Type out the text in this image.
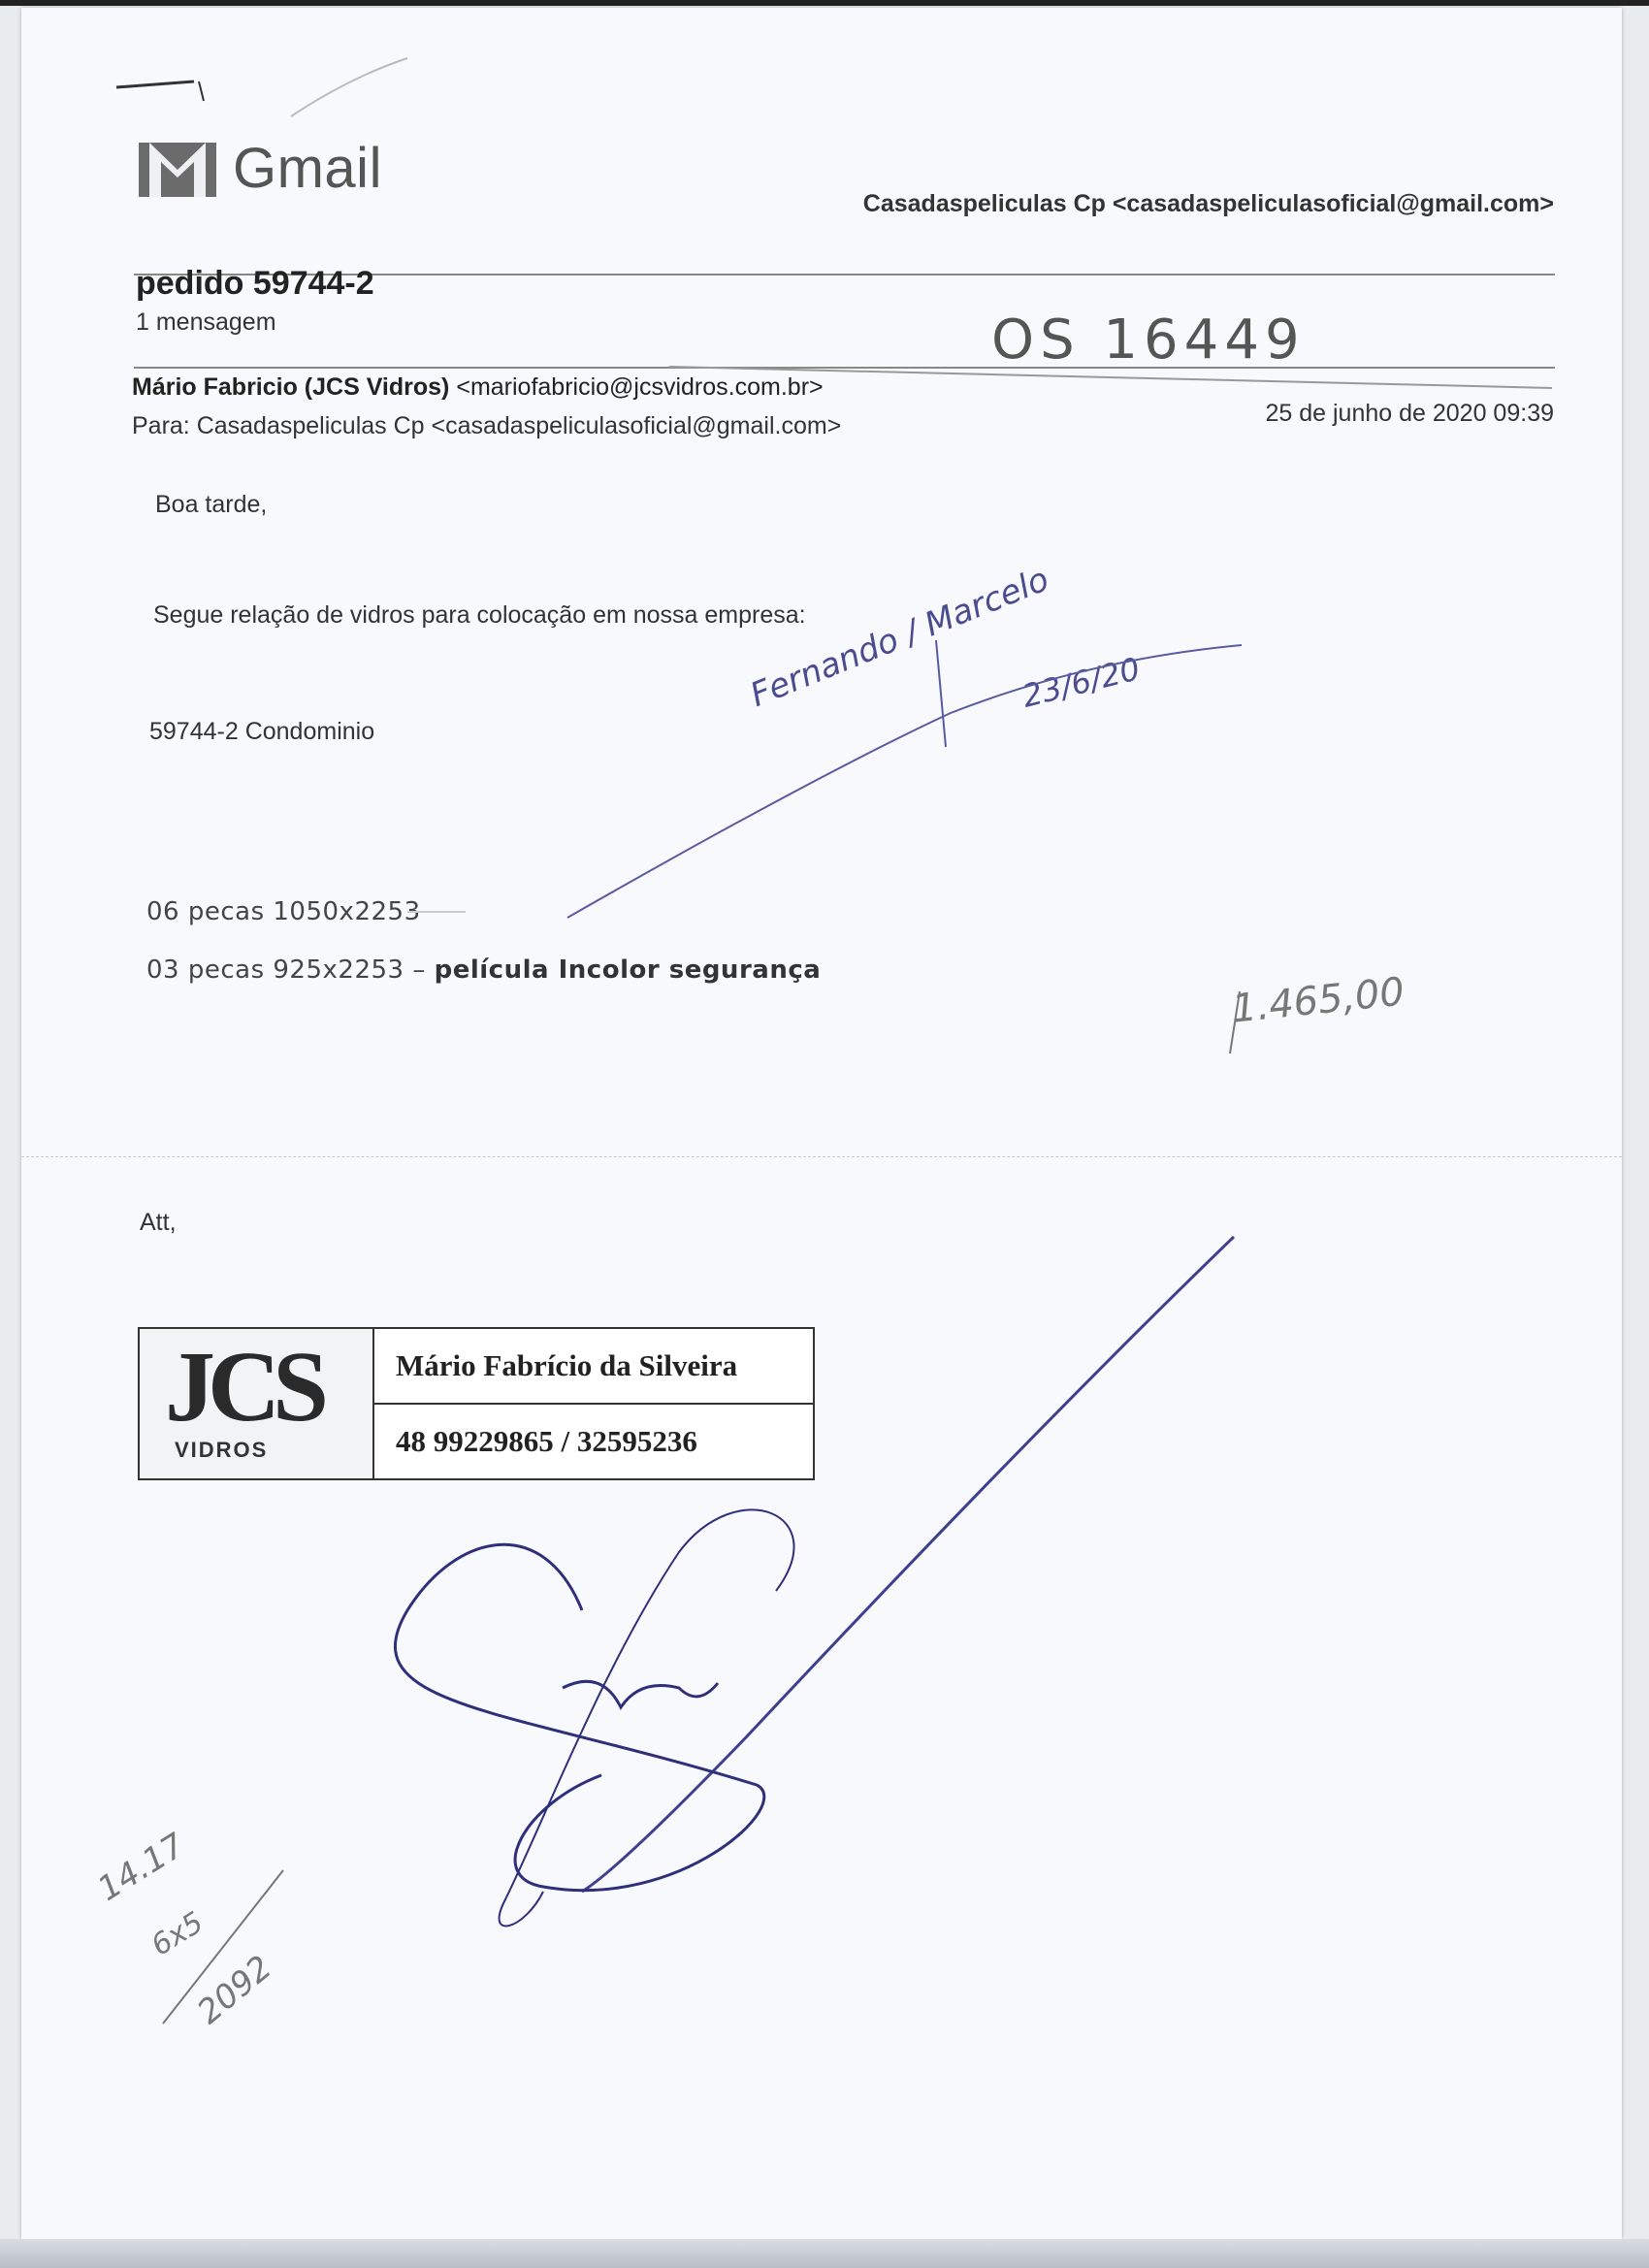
Gmail
Casadaspeliculas Cp <casadaspeliculasoficial@gmail.com>
pedido 59744-2
1 mensagem
Mário Fabricio (JCS Vidros) <mariofabricio@jcsvidros.com.br>
Para: Casadaspeliculas Cp <casadaspeliculasoficial@gmail.com>	25 de junho de 2020 09:39
Boa tarde,
Segue relação de vidros para colocação em nossa empresa:
59744-2 Condominio
06 pecas 1050x2253
03 pecas 925x2253 – película Incolor segurança
Att,
JCS
VIDROS
Mário Fabrício da Silveira
48 99229865 / 32595236
OS 16449
Fernando / Marcelo
23/6/20
1.465,00
14.17
6x5
2092
